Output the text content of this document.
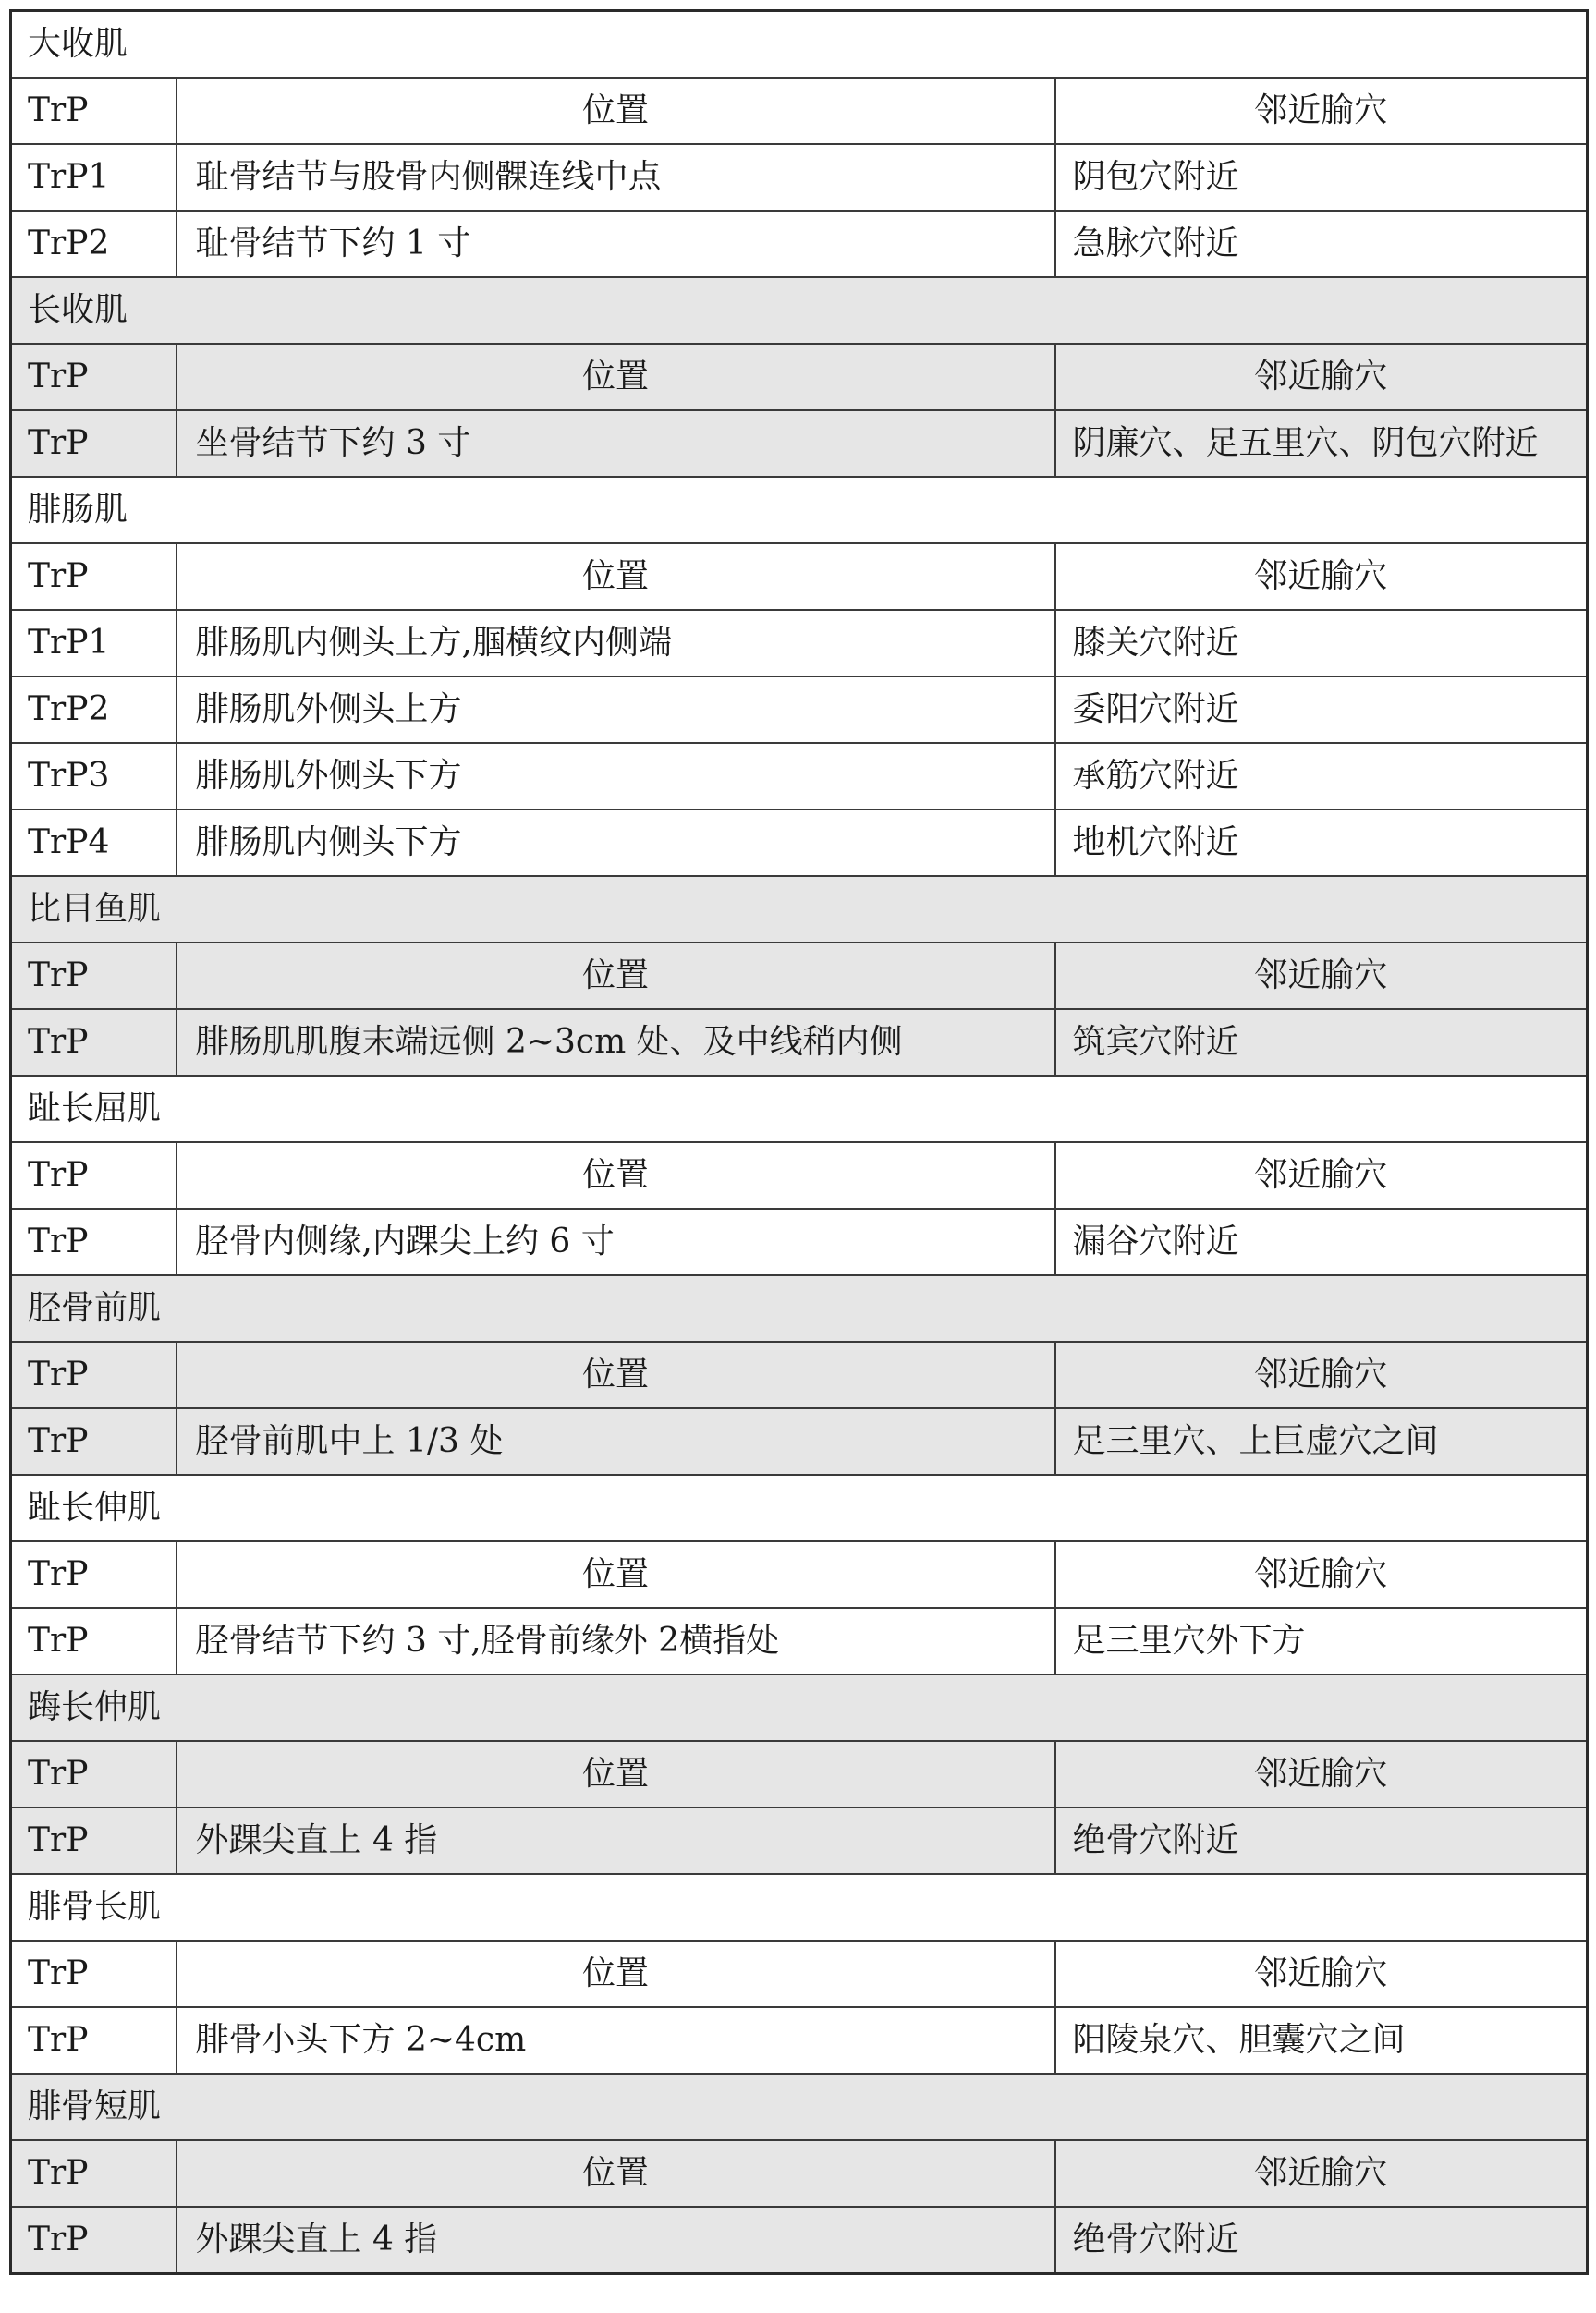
大收肌		
TrP	位置	邻近腧穴
TrP1	耻骨结节与股骨内侧髁连线中点	阴包穴附近
TrP2	耻骨结节下约 1 寸	急脉穴附近
长收肌		
TrP	位置	邻近腧穴
TrP	坐骨结节下约 3 寸	阴廉穴、足五里穴、阴包穴附近
腓肠肌		
TrP	位置	邻近腧穴
TrP1	腓肠肌内侧头上方,腘横纹内侧端	膝关穴附近
TrP2	腓肠肌外侧头上方	委阳穴附近
TrP3	腓肠肌外侧头下方	承筋穴附近
TrP4	腓肠肌内侧头下方	地机穴附近
比目鱼肌		
TrP	位置	邻近腧穴
TrP	腓肠肌肌腹末端远侧 2~3cm 处、及中线稍内侧	筑宾穴附近
趾长屈肌		
TrP	位置	邻近腧穴
TrP	胫骨内侧缘,内踝尖上约 6 寸	漏谷穴附近
胫骨前肌		
TrP	位置	邻近腧穴
TrP	胫骨前肌中上 1/3 处	足三里穴、上巨虚穴之间
趾长伸肌		
TrP	位置	邻近腧穴
TrP	胫骨结节下约 3 寸,胫骨前缘外 2横指处	足三里穴外下方
踇长伸肌		
TrP	位置	邻近腧穴
TrP	外踝尖直上 4 指	绝骨穴附近
腓骨长肌		
TrP	位置	邻近腧穴
TrP	腓骨小头下方 2~4cm	阳陵泉穴、胆囊穴之间
腓骨短肌		
TrP	位置	邻近腧穴
TrP	外踝尖直上 4 指	绝骨穴附近
